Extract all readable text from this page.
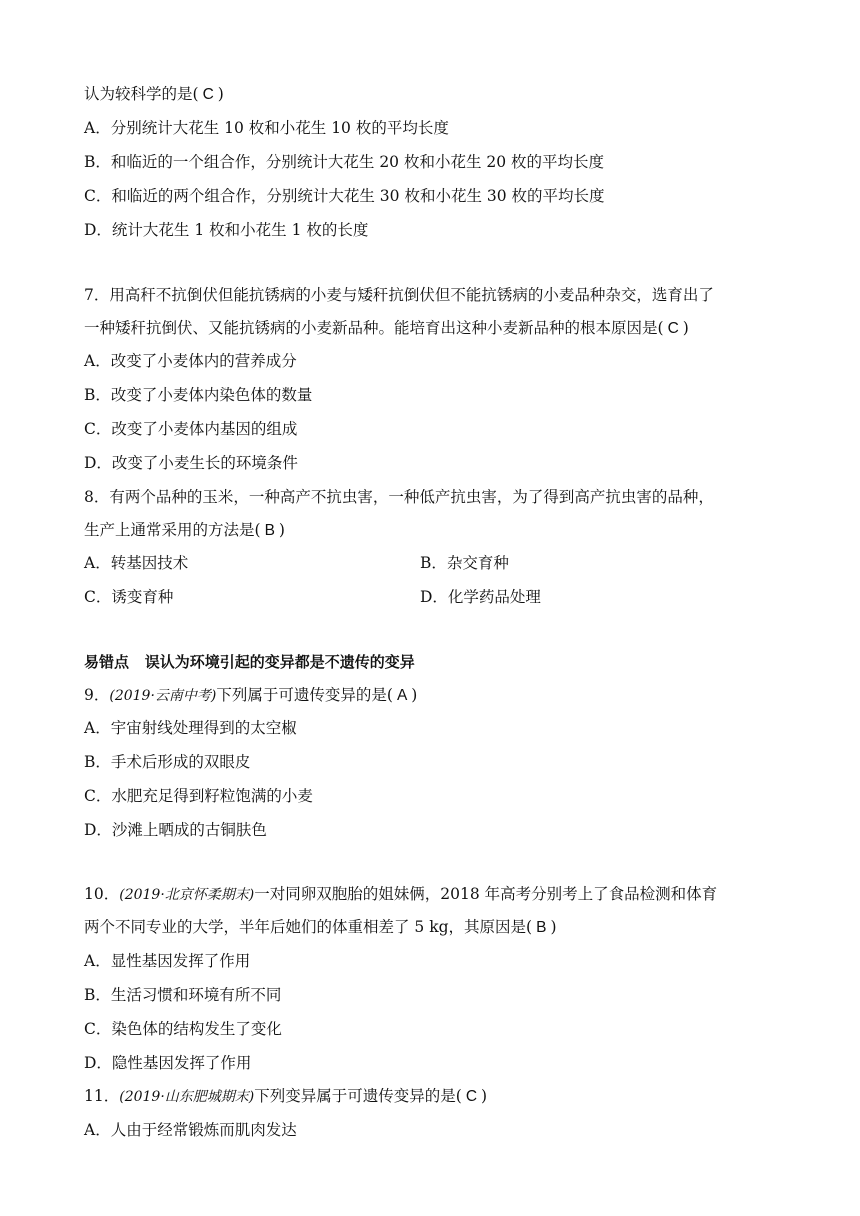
认为较科学的是( C )
A．分别统计大花生 10 枚和小花生 10 枚的平均长度
B．和临近的一个组合作，分别统计大花生 20 枚和小花生 20 枚的平均长度
C．和临近的两个组合作，分别统计大花生 30 枚和小花生 30 枚的平均长度
D．统计大花生 1 枚和小花生 1 枚的长度
7．用高秆不抗倒伏但能抗锈病的小麦与矮秆抗倒伏但不能抗锈病的小麦品种杂交，选育出了
一种矮秆抗倒伏、又能抗锈病的小麦新品种。能培育出这种小麦新品种的根本原因是( C )
A．改变了小麦体内的营养成分
B．改变了小麦体内染色体的数量
C．改变了小麦体内基因的组成
D．改变了小麦生长的环境条件
8．有两个品种的玉米，一种高产不抗虫害，一种低产抗虫害，为了得到高产抗虫害的品种，
生产上通常采用的方法是( B )
A．转基因技术	B．杂交育种
C．诱变育种	D．化学药品处理
易错点 误认为环境引起的变异都是不遗传的变异
9．(2019·云南中考)下列属于可遗传变异的是( A )
A．宇宙射线处理得到的太空椒
B．手术后形成的双眼皮
C．水肥充足得到籽粒饱满的小麦
D．沙滩上晒成的古铜肤色
10．(2019·北京怀柔期末)一对同卵双胞胎的姐妹俩，2018 年高考分别考上了食品检测和体育
两个不同专业的大学，半年后她们的体重相差了 5 kg，其原因是( B )
A．显性基因发挥了作用
B．生活习惯和环境有所不同
C．染色体的结构发生了变化
D．隐性基因发挥了作用
11．(2019·山东肥城期末)下列变异属于可遗传变异的是( C )
A．人由于经常锻炼而肌肉发达
